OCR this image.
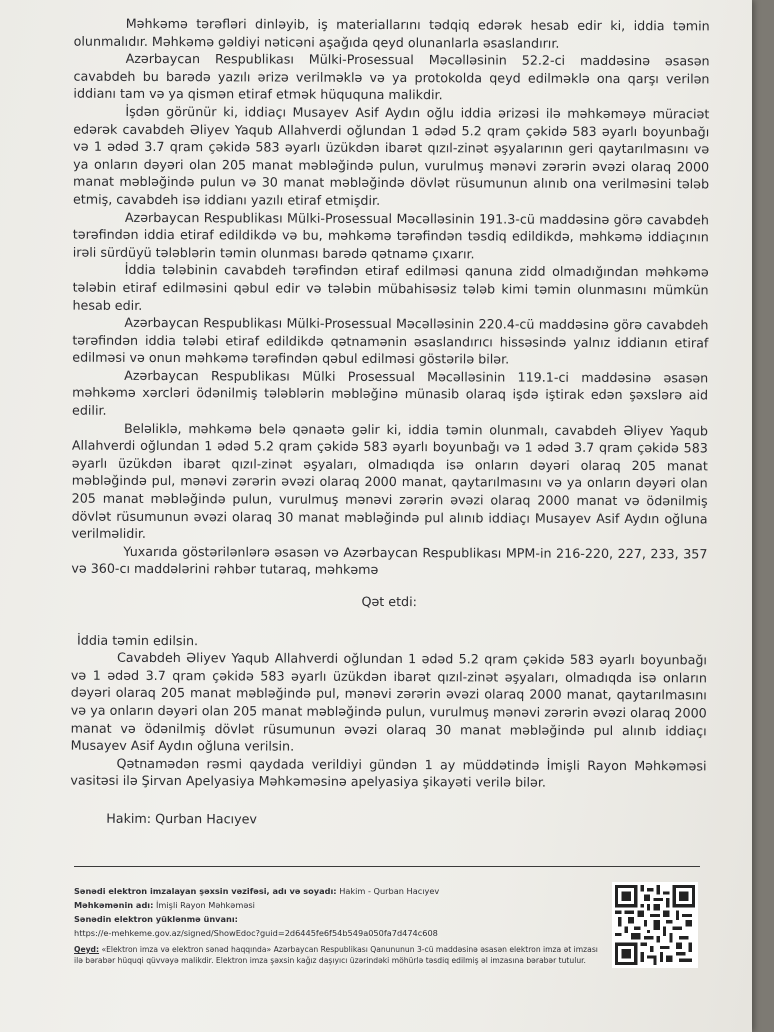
Məhkəmə tərəfləri dinləyib, iş materiallarını tədqiq edərək hesab edir ki, iddia təmin olunmalıdır. Məhkəmə gəldiyi nəticəni aşağıda qeyd olunanlarla əsaslandırır.

Azərbaycan Respublikası Mülki-Prosessual Məcəlləsinin 52.2-ci maddəsinə əsasən cavabdeh bu barədə yazılı ərizə verilməklə və ya protokolda qeyd edilməklə ona qarşı verilən iddianı tam və ya qismən etiraf etmək hüququna malikdir.

İşdən görünür ki, iddiaçı Musayev Asif Aydın oğlu iddia ərizəsi ilə məhkəməyə müraciət edərək cavabdeh Əliyev Yaqub Allahverdi oğlundan 1 ədəd 5.2 qram çəkidə 583 əyarlı boyunbağı və 1 ədəd 3.7 qram çəkidə 583 əyarlı üzükdən ibarət qızıl-zinət əşyalarının geri qaytarılmasını və ya onların dəyəri olan 205 manat məbləğində pulun, vurulmuş mənəvi zərərin əvəzi olaraq 2000 manat məbləğində pulun və 30 manat məbləğində dövlət rüsumunun alınıb ona verilməsini tələb etmiş, cavabdeh isə iddianı yazılı etiraf etmişdir.

Azərbaycan Respublikası Mülki-Prosessual Məcəlləsinin 191.3-cü maddəsinə görə cavabdeh tərəfindən iddia etiraf edildikdə və bu, məhkəmə tərəfindən təsdiq edildikdə, məhkəmə iddiaçının irəli sürdüyü tələblərin təmin olunması barədə qətnamə çıxarır.

İddia tələbinin cavabdeh tərəfindən etiraf edilməsi qanuna zidd olmadığından məhkəmə tələbin etiraf edilməsini qəbul edir və tələbin mübahisəsiz tələb kimi təmin olunmasını mümkün hesab edir.

Azərbaycan Respublikası Mülki-Prosessual Məcəlləsinin 220.4-cü maddəsinə görə cavabdeh tərəfindən iddia tələbi etiraf edildikdə qətnamənin əsaslandırıcı hissəsində yalnız iddianın etiraf edilməsi və onun məhkəmə tərəfindən qəbul edilməsi göstərilə bilər.

Azərbaycan Respublikası Mülki Prosessual Məcəlləsinin 119.1-ci maddəsinə əsasən məhkəmə xərcləri ödənilmiş tələblərin məbləğinə münasib olaraq işdə iştirak edən şəxslərə aid edilir.

Beləliklə, məhkəmə belə qənaətə gəlir ki, iddia təmin olunmalı, cavabdeh Əliyev Yaqub Allahverdi oğlundan 1 ədəd 5.2 qram çəkidə 583 əyarlı boyunbağı və 1 ədəd 3.7 qram çəkidə 583 əyarlı üzükdən ibarət qızıl-zinət əşyaları, olmadıqda isə onların dəyəri olaraq 205 manat məbləğində pul, mənəvi zərərin əvəzi olaraq 2000 manat, qaytarılmasını və ya onların dəyəri olan 205 manat məbləğində pulun, vurulmuş mənəvi zərərin əvəzi olaraq 2000 manat və ödənilmiş dövlət rüsumunun əvəzi olaraq 30 manat məbləğində pul alınıb iddiaçı Musayev Asif Aydın oğluna verilməlidir.

Yuxarıda göstərilənlərə əsasən və Azərbaycan Respublikası MPM-in 216-220, 227, 233, 357 və 360-cı maddələrini rəhbər tutaraq, məhkəmə

Qət etdi:

İddia təmin edilsin.

Cavabdeh Əliyev Yaqub Allahverdi oğlundan 1 ədəd 5.2 qram çəkidə 583 əyarlı boyunbağı və 1 ədəd 3.7 qram çəkidə 583 əyarlı üzükdən ibarət qızıl-zinət əşyaları, olmadıqda isə onların dəyəri olaraq 205 manat məbləğində pul, mənəvi zərərin əvəzi olaraq 2000 manat, qaytarılmasını və ya onların dəyəri olan 205 manat məbləğində pulun, vurulmuş mənəvi zərərin əvəzi olaraq 2000 manat və ödənilmiş dövlət rüsumunun əvəzi olaraq 30 manat məbləğində pul alınıb iddiaçı Musayev Asif Aydın oğluna verilsin.

Qətnamədən rəsmi qaydada verildiyi gündən 1 ay müddətində İmişli Rayon Məhkəməsi vasitəsi ilə Şirvan Apelyasiya Məhkəməsinə apelyasiya şikayəti verilə bilər.

Hakim: Qurban Hacıyev

Sənədi elektron imzalayan şəxsin vəzifəsi, adı və soyadı: Hakim - Qurban Hacıyev
Məhkəmənin adı: İmişli Rayon Məhkəməsi
Sənədin elektron yüklənmə ünvanı:
https://e-mehkeme.gov.az/signed/ShowEdoc?guid=2d6445fe6f54b549a050fa7d474c608
Qeyd: «Elektron imza və elektron sənəd haqqında» Azərbaycan Respublikası Qanununun 3-cü maddəsinə əsasən elektron imza ət imzası ilə bərabər hüquqi qüvvəyə malikdir. Elektron imza şəxsin kağız daşıyıcı üzərindəki möhürlə təsdiq edilmiş əl imzasına bərabər tutulur.
